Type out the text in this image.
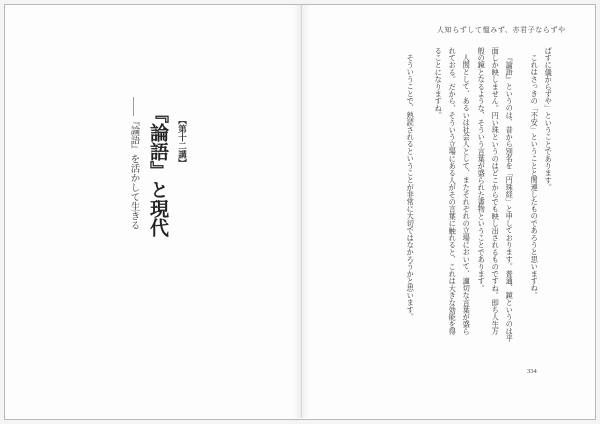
【第十二講】
『論語』と現代
——『論語』を活かして生きる
人知らずして慍みず、亦君子ならずや
ぱすに儀からずや」ということであります。
これはさっきの「不安」ということと関連したものであろうと思いますね。
『論語』というのは、昔から別名を「円珠経」と申しております。普通、鏡というのは平
面しか映しません。円い珠というのはどこからでも映し出されるものですね。即ち人生万
般の鏡となるような、そういう言葉が盛られた書物ということであります。
人間として、あるいは社会人として、またそれぞれの立場において、適切な言葉が盛ら
れておる。だから、そういう立場にある人がその言葉に触れると、これは大きな効能を得
ることになりますね。
そういうことで、熟読されるということが非常に大切ではなかろうかと思います。
334
